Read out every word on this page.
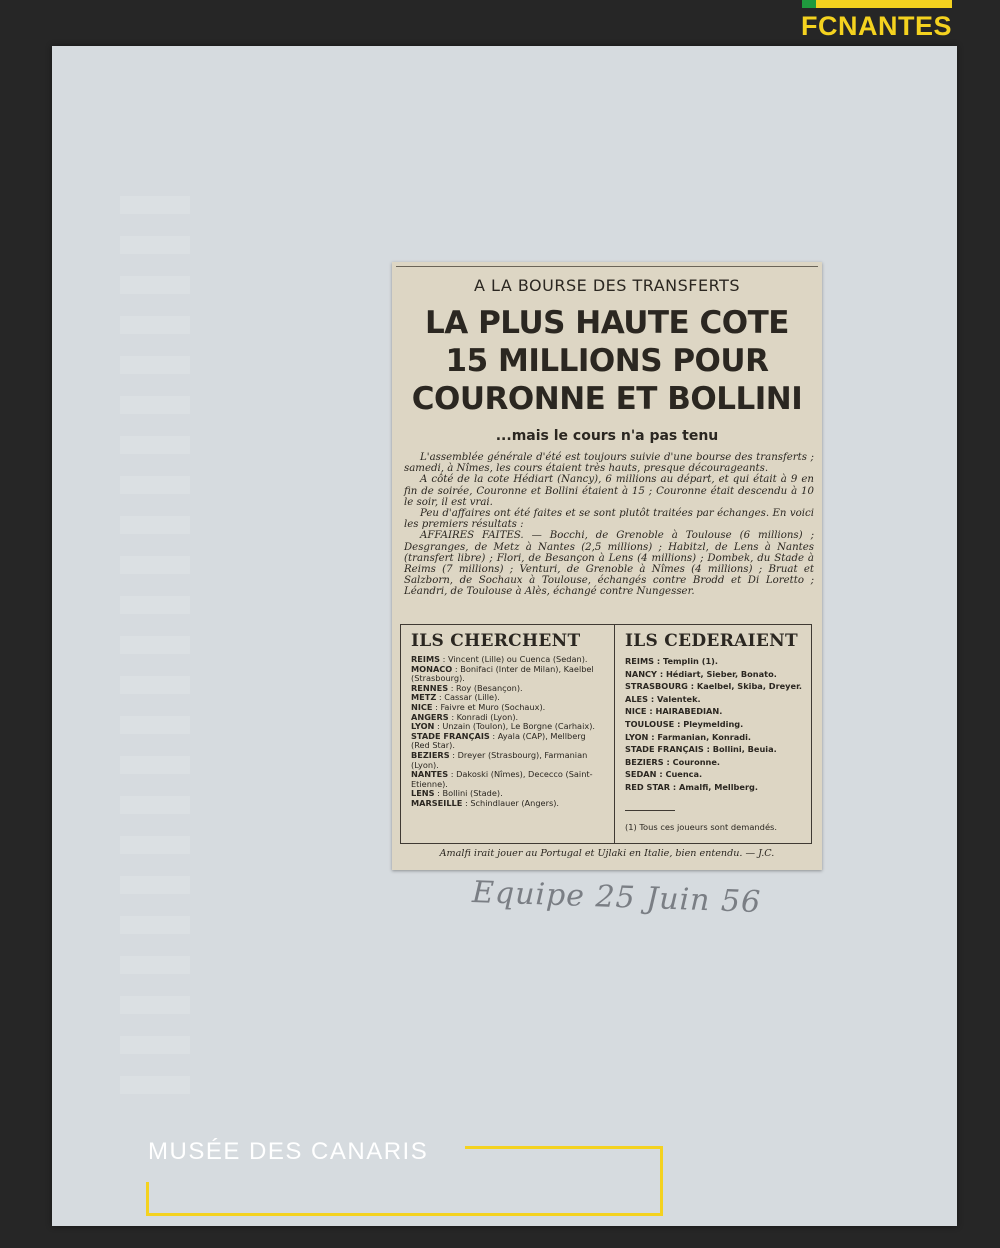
FCNANTES
A LA BOURSE DES TRANSFERTS
LA PLUS HAUTE COTE
15 MILLIONS POUR
COURONNE ET BOLLINI
...mais le cours n'a pas tenu

L'assemblée générale d'été est toujours suivie d'une bourse des transferts ; samedi, à Nîmes, les cours étaient très hauts, presque décourageants.

A côté de la cote Hédiart (Nancy), 6 millions au départ, et qui était à 9 en fin de soirée, Couronne et Bollini étaient à 15 ; Couronne était descendu à 10 le soir, il est vrai.

Peu d'affaires ont été faites et se sont plutôt traitées par échanges. En voici les premiers résultats :

AFFAIRES FAITES. — Bocchi, de Grenoble à Toulouse (6 millions) ; Desgranges, de Metz à Nantes (2,5 millions) ; Habitzl, de Lens à Nantes (transfert libre) ; Flori, de Besançon à Lens (4 millions) ; Dombek, du Stade à Reims (7 millions) ; Venturi, de Grenoble à Nîmes (4 millions) ; Bruat et Salzborn, de Sochaux à Toulouse, échangés contre Brodd et Di Loretto ; Léandri, de Toulouse à Alès, échangé contre Nungesser.

ILS CHERCHENT
REIMS : Vincent (Lille) ou Cuenca (Sedan).
MONACO : Bonifaci (Inter de Milan), Kaelbel (Strasbourg).
RENNES : Roy (Besançon).
METZ : Cassar (Lille).
NICE : Faivre et Muro (Sochaux).
ANGERS : Konradi (Lyon).
LYON : Unzain (Toulon), Le Borgne (Carhaix).
STADE FRANÇAIS : Ayala (CAP), Mellberg (Red Star).
BEZIERS : Dreyer (Strasbourg), Farmanian (Lyon).
NANTES : Dakoski (Nîmes), Dececco (Saint-Etienne).
LENS : Bollini (Stade).
MARSEILLE : Schindlauer (Angers).
ILS CEDERAIENT
REIMS : Templin (1).
NANCY : Hédiart, Sieber, Bonato.
STRASBOURG : Kaelbel, Skiba, Dreyer.
ALES : Valentek.
NICE : HAIRABEDIAN.
TOULOUSE : Pleymelding.
LYON : Farmanian, Konradi.
STADE FRANÇAIS : Bollini, Beuia.
BEZIERS : Couronne.
SEDAN : Cuenca.
RED STAR : Amalfi, Mellberg.
(1) Tous ces joueurs sont demandés.
Amalfi irait jouer au Portugal et Ujlaki en Italie, bien entendu. — J.C.
Equipe 25 Juin 56
MUSÉE DES CANARIS
